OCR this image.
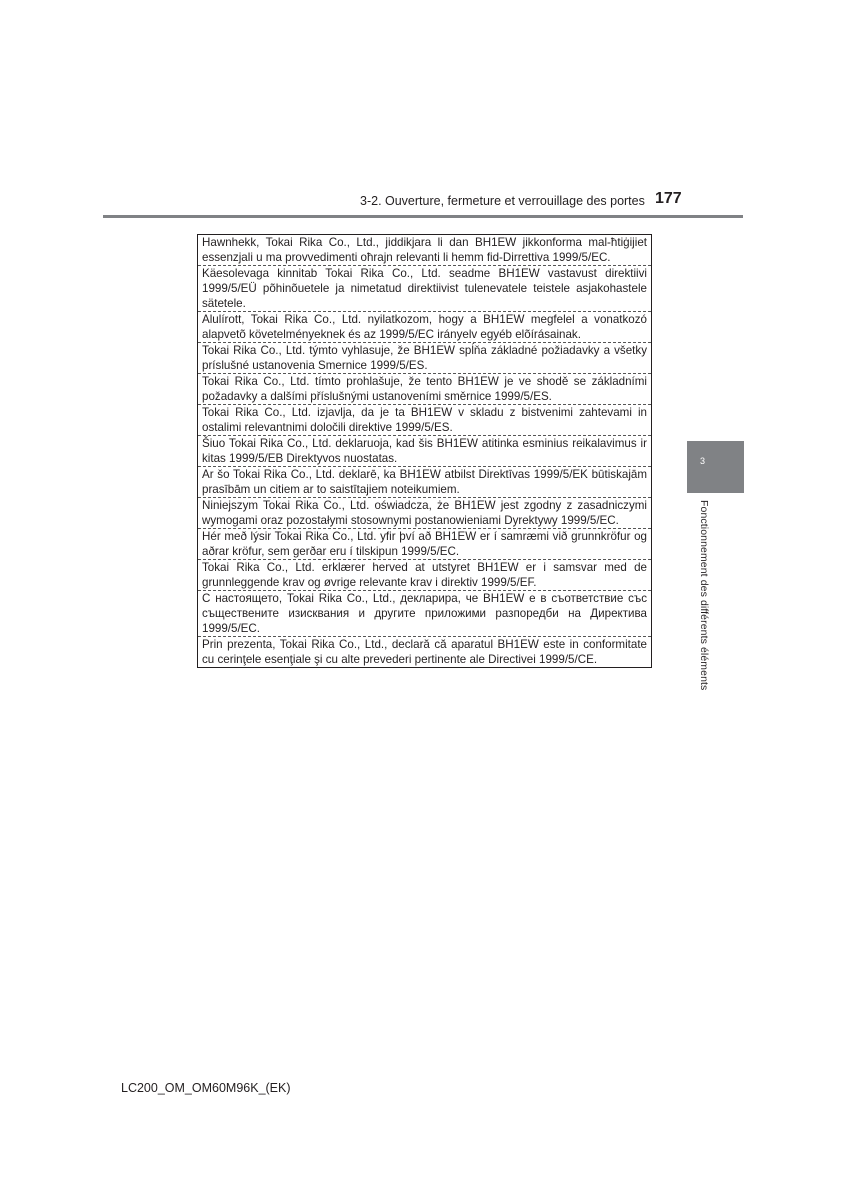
3-2. Ouverture, fermeture et verrouillage des portes 177
Hawnhekk, Tokai Rika Co., Ltd., jiddikjara li dan BH1EW jikkonforma mal-ħtiġijiet essenzjali u ma provvedimenti oħrajn relevanti li hemm fid-Dirrettiva 1999/5/EC.
Käesolevaga kinnitab Tokai Rika Co., Ltd. seadme BH1EW vastavust direktiivi 1999/5/EÜ põhinõuetele ja nimetatud direktiivist tulenevatele teistele asjakohastele sätetele.
Alulírott, Tokai Rika Co., Ltd. nyilatkozom, hogy a BH1EW megfelel a vonatkozó alapvetõ követelményeknek és az 1999/5/EC irányelv egyéb elõírásainak.
Tokai Rika Co., Ltd. týmto vyhlasuje, že BH1EW spĺňa základné požiadavky a všetky príslušné ustanovenia Smernice 1999/5/ES.
Tokai Rika Co., Ltd. tímto prohlašuje, že tento BH1EW je ve shodě se základními požadavky a dalšími příslušnými ustanoveními směrnice 1999/5/ES.
Tokai Rika Co., Ltd. izjavlja, da je ta BH1EW v skladu z bistvenimi zahtevami in ostalimi relevantnimi določili direktive 1999/5/ES.
Šiuo Tokai Rika Co., Ltd. deklaruoja, kad šis BH1EW atitinka esminius reikalavimus ir kitas 1999/5/EB Direktyvos nuostatas.
Ar šo Tokai Rika Co., Ltd. deklarē, ka BH1EW atbilst Direktīvas 1999/5/EK būtiskajām prasībām un citiem ar to saistītajiem noteikumiem.
Niniejszym Tokai Rika Co., Ltd. oświadcza, że BH1EW jest zgodny z zasadniczymi wymogami oraz pozostałymi stosownymi postanowieniami Dyrektywy 1999/5/EC.
Hér með lýsir Tokai Rika Co., Ltd. yfir því að BH1EW er í samræmi við grunnkröfur og aðrar kröfur, sem gerðar eru í tilskipun 1999/5/EC.
Tokai Rika Co., Ltd. erklærer herved at utstyret BH1EW er i samsvar med de grunnleggende krav og øvrige relevante krav i direktiv 1999/5/EF.
С настоящето, Tokai Rika Co., Ltd., декларира, че BH1EW е в съответствие със съществените изисквания и другите приложими разпоредби на Директива 1999/5/EC.
Prin prezenta, Tokai Rika Co., Ltd., declară că aparatul BH1EW este in conformitate cu cerinţele esenţiale şi cu alte prevederi pertinente ale Directivei 1999/5/CE.
3
Fonctionnement des différents éléments
LC200_OM_OM60M96K_(EK)
